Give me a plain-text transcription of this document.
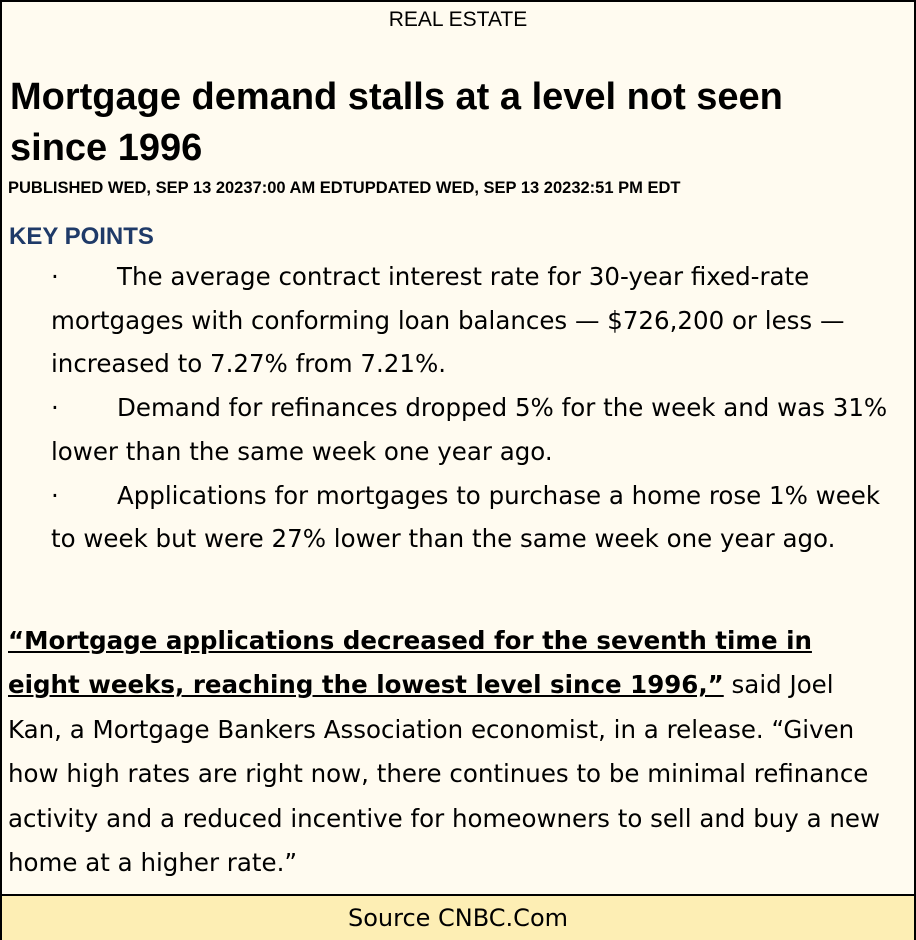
REAL ESTATE
Mortgage demand stalls at a level not seen since 1996
PUBLISHED WED, SEP 13 20237:00 AM EDTUPDATED WED, SEP 13 20232:51 PM EDT
KEY POINTS
· The average contract interest rate for 30-year fixed-rate mortgages with conforming loan balances — $726,200 or less — increased to 7.27% from 7.21%.
· Demand for refinances dropped 5% for the week and was 31% lower than the same week one year ago.
· Applications for mortgages to purchase a home rose 1% week to week but were 27% lower than the same week one year ago.

“Mortgage applications decreased for the seventh time in eight weeks, reaching the lowest level since 1996,” said Joel Kan, a Mortgage Bankers Association economist, in a release. “Given how high rates are right now, there continues to be minimal refinance activity and a reduced incentive for homeowners to sell and buy a new home at a higher rate.”

Source CNBC.Com
